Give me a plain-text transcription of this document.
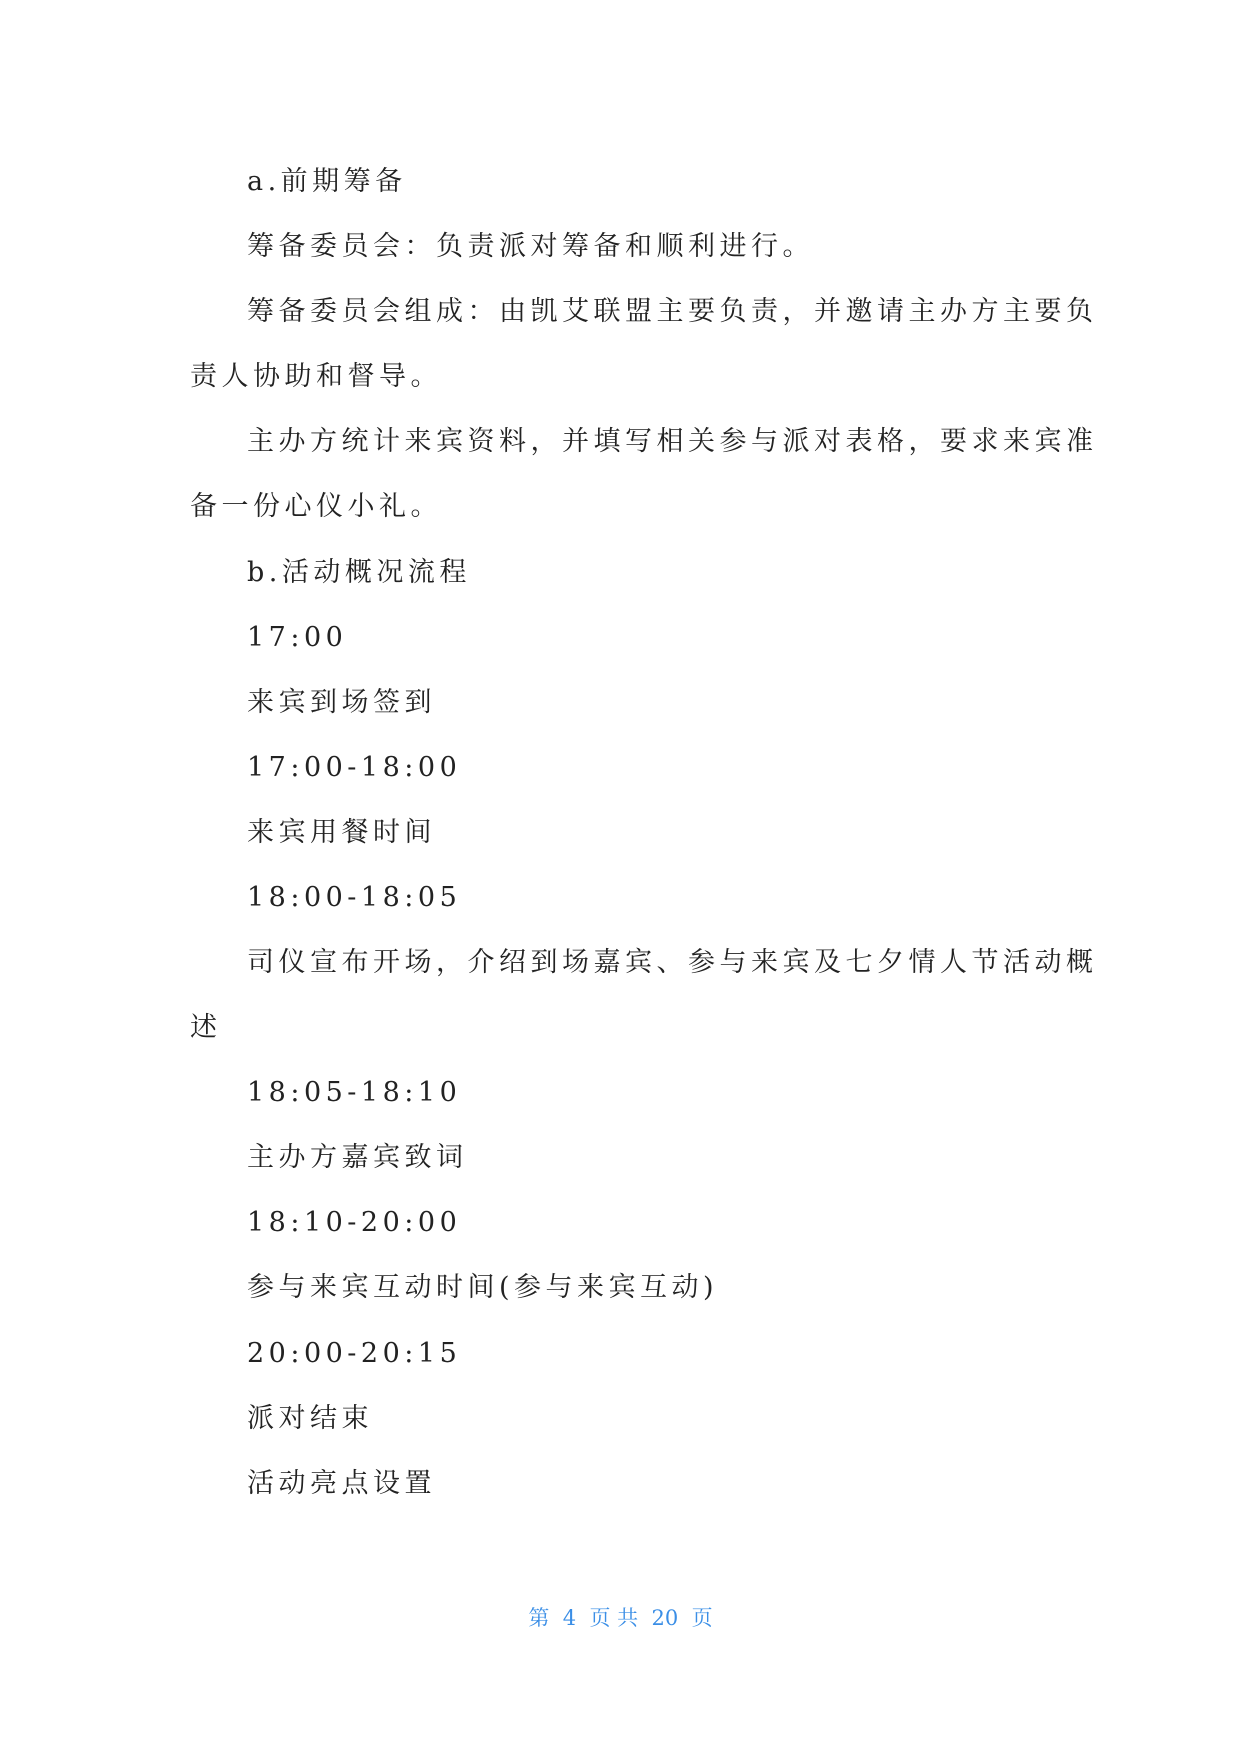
a.前期筹备
筹备委员会：负责派对筹备和顺利进行。
筹备委员会组成：由凯艾联盟主要负责，并邀请主办方主要负
责人协助和督导。
主办方统计来宾资料，并填写相关参与派对表格，要求来宾准
备一份心仪小礼。
b.活动概况流程
17:00
来宾到场签到
17:00-18:00
来宾用餐时间
18:00-18:05
司仪宣布开场，介绍到场嘉宾、参与来宾及七夕情人节活动概
述
18:05-18:10
主办方嘉宾致词
18:10-20:00
参与来宾互动时间(参与来宾互动)
20:00-20:15
派对结束
活动亮点设置
第  4  页 共  20  页
